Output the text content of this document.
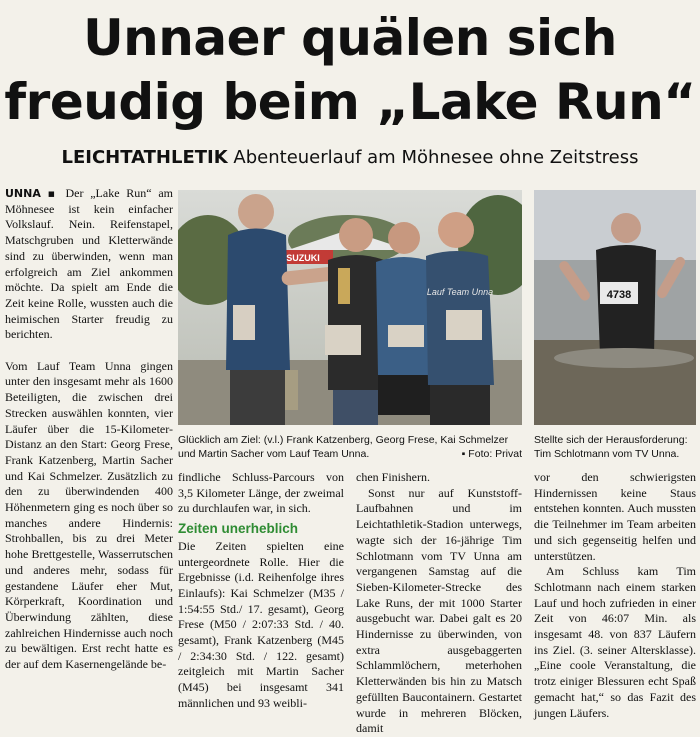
Unnaer quälen sich
freudig beim „Lake Run“
LEICHTATHLETIK Abenteuerlauf am Möhnesee ohne Zeitstress

UNNA ▪ Der „Lake Run“ am Möhnesee ist kein einfacher Volkslauf. Nein. Reifenstapel, Matschgruben und Kletterwände sind zu überwinden, wenn man erfolgreich am Ziel ankommen möchte. Da spielt am Ende die Zeit keine Rolle, wussten auch die heimischen Starter freudig zu berichten.

Vom Lauf Team Unna gingen unter den insgesamt mehr als 1600 Beteiligten, die zwischen drei Strecken auswählen konnten, vier Läufer über die 15-Kilometer-Distanz an den Start: Georg Frese, Frank Katzenberg, Martin Sacher und Kai Schmelzer. Zusätzlich zu den zu überwindenden 400 Höhenmetern ging es noch über so manches andere Hindernis: Strohballen, bis zu drei Meter hohe Brettgestelle, Wasserrutschen und anderes mehr, sodass für gestandene Läufer eher Mut, Körperkraft, Koordination und Überwindung zählten, diese zahlreichen Hindernisse auch noch zu bewältigen. Erst recht hatte es der auf dem Kasernengelände be-

SUZUKI
Lauf Team Unna	4738
Glücklich am Ziel: (v.l.) Frank Katzenberg, Georg Frese, Kai Schmelzer und Martin Sacher vom Lauf Team Unna.	▪ Foto: Privat
Stellte sich der Herausforderung: Tim Schlotmann vom TV Unna.

findliche Schluss-Parcours von 3,5 Kilometer Länge, der zweimal zu durchlaufen war, in sich.

Zeiten unerheblich

Die Zeiten spielten eine untergeordnete Rolle. Hier die Ergebnisse (i.d. Reihenfolge ihres Einlaufs): Kai Schmelzer (M35 / 1:54:55 Std./ 17. gesamt), Georg Frese (M50 / 2:07:33 Std. / 40. gesamt), Frank Katzenberg (M45 / 2:34:30 Std. / 122. gesamt) zeitgleich mit Martin Sacher (M45) bei insgesamt 341 männlichen und 93 weibli-

chen Finishern.

Sonst nur auf Kunststoff-Laufbahnen und im Leichtathletik-Stadion unterwegs, wagte sich der 16-jährige Tim Schlotmann vom TV Unna am vergangenen Samstag auf die Sieben-Kilometer-Strecke des Lake Runs, der mit 1000 Starter ausgebucht war. Dabei galt es 20 Hindernisse zu überwinden, von extra ausgebaggerten Schlammlöchern, meterhohen Kletterwänden bis hin zu Matsch gefüllten Baucontainern. Gestartet wurde in mehreren Blöcken, damit

vor den schwierigsten Hindernissen keine Staus entstehen konnten. Auch mussten die Teilnehmer im Team arbeiten und sich gegenseitig helfen und unterstützen.

Am Schluss kam Tim Schlotmann nach einem starken Lauf und hoch zufrieden in einer Zeit von 46:07 Min. als insgesamt 48. von 837 Läufern ins Ziel. (3. seiner Altersklasse). „Eine coole Veranstaltung, die trotz einiger Blessuren echt Spaß gemacht hat,“ so das Fazit des jungen Läufers.
